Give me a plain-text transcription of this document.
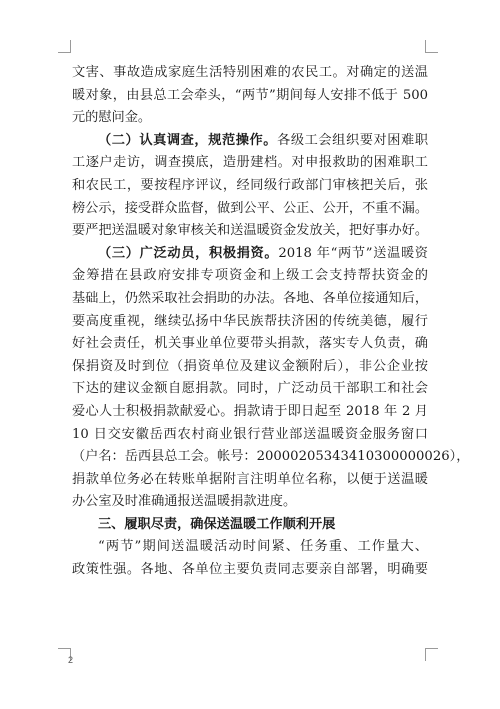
文害、事故造成家庭生活特别困难的农民工。对确定的送温
暖对象，由县总工会牵头，“两节”期间每人安排不低于 500
元的慰问金。
（二）认真调查，规范操作。各级工会组织要对困难职
工逐户走访，调查摸底，造册建档。对申报救助的困难职工
和农民工，要按程序评议，经同级行政部门审核把关后，张
榜公示，接受群众监督，做到公平、公正、公开，不重不漏。
要严把送温暖对象审核关和送温暖资金发放关，把好事办好。
（三）广泛动员，积极捐资。2018 年“两节”送温暖资
金筹措在县政府安排专项资金和上级工会支持帮扶资金的
基础上，仍然采取社会捐助的办法。各地、各单位接通知后，
要高度重视，继续弘扬中华民族帮扶济困的传统美德，履行
好社会责任，机关事业单位要带头捐款，落实专人负责，确
保捐资及时到位（捐资单位及建议金额附后），非公企业按
下达的建议金额自愿捐款。同时，广泛动员干部职工和社会
爱心人士积极捐款献爱心。捐款请于即日起至 2018 年 2 月
10 日交安徽岳西农村商业银行营业部送温暖资金服务窗口
（户名：岳西县总工会。帐号：20000205343410300000026），
捐款单位务必在转账单据附言注明单位名称，以便于送温暖
办公室及时准确通报送温暖捐款进度。
三、履职尽责，确保送温暖工作顺利开展
“两节”期间送温暖活动时间紧、任务重、工作量大、
政策性强。各地、各单位主要负责同志要亲自部署，明确要
2
